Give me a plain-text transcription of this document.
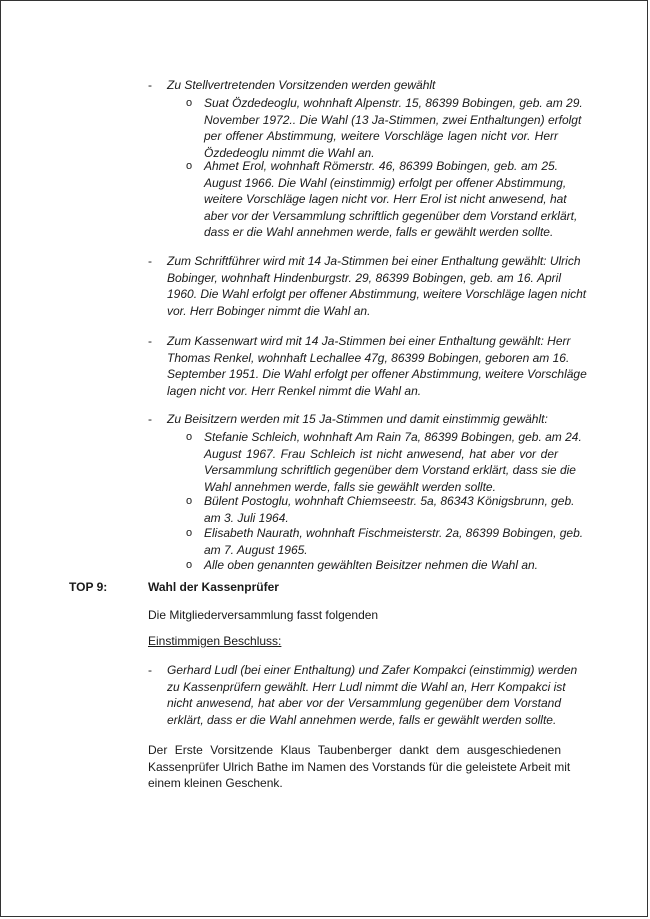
- Zu Stellvertretenden Vorsitzenden werden gewählt
o Suat Özdedeoglu, wohnhaft Alpenstr. 15, 86399 Bobingen, geb. am 29.
November 1972.. Die Wahl (13 Ja-Stimmen, zwei Enthaltungen) erfolgt
per offener Abstimmung, weitere Vorschläge lagen nicht vor. Herr
Özdedeoglu nimmt die Wahl an.
o Ahmet Erol, wohnhaft Römerstr. 46, 86399 Bobingen, geb. am 25.
August 1966. Die Wahl (einstimmig) erfolgt per offener Abstimmung,
weitere Vorschläge lagen nicht vor. Herr Erol ist nicht anwesend, hat
aber vor der Versammlung schriftlich gegenüber dem Vorstand erklärt,
dass er die Wahl annehmen werde, falls er gewählt werden sollte.
- Zum Schriftführer wird mit 14 Ja-Stimmen bei einer Enthaltung gewählt: Ulrich
Bobinger, wohnhaft Hindenburgstr. 29, 86399 Bobingen, geb. am 16. April
1960. Die Wahl erfolgt per offener Abstimmung, weitere Vorschläge lagen nicht
vor. Herr Bobinger nimmt die Wahl an.
- Zum Kassenwart wird mit 14 Ja-Stimmen bei einer Enthaltung gewählt: Herr
Thomas Renkel, wohnhaft Lechallee 47g, 86399 Bobingen, geboren am 16.
September 1951. Die Wahl erfolgt per offener Abstimmung, weitere Vorschläge
lagen nicht vor. Herr Renkel nimmt die Wahl an.
- Zu Beisitzern werden mit 15 Ja-Stimmen und damit einstimmig gewählt:
o Stefanie Schleich, wohnhaft Am Rain 7a, 86399 Bobingen, geb. am 24.
August 1967. Frau Schleich ist nicht anwesend, hat aber vor der
Versammlung schriftlich gegenüber dem Vorstand erklärt, dass sie die
Wahl annehmen werde, falls sie gewählt werden sollte.
o Bülent Postoglu, wohnhaft Chiemseestr. 5a, 86343 Königsbrunn, geb.
am 3. Juli 1964.
o Elisabeth Naurath, wohnhaft Fischmeisterstr. 2a, 86399 Bobingen, geb.
am 7. August 1965.
o Alle oben genannten gewählten Beisitzer nehmen die Wahl an.
TOP 9:	Wahl der Kassenprüfer
Die Mitgliederversammlung fasst folgenden
Einstimmigen Beschluss:
- Gerhard Ludl (bei einer Enthaltung) und Zafer Kompakci (einstimmig) werden
zu Kassenprüfern gewählt. Herr Ludl nimmt die Wahl an, Herr Kompakci ist
nicht anwesend, hat aber vor der Versammlung gegenüber dem Vorstand
erklärt, dass er die Wahl annehmen werde, falls er gewählt werden sollte.
Der Erste Vorsitzende Klaus Taubenberger dankt dem ausgeschiedenen
Kassenprüfer Ulrich Bathe im Namen des Vorstands für die geleistete Arbeit mit
einem kleinen Geschenk.
